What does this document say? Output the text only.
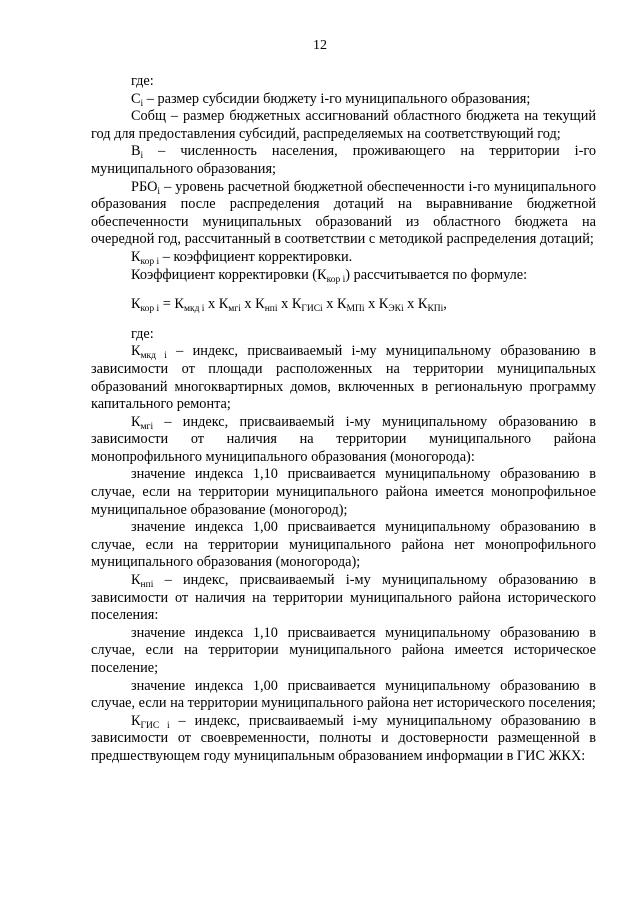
12

где:

$C_i$ – размер субсидии бюджету i-го муниципального образования;

Собщ – размер бюджетных ассигнований областного бюджета на текущий год для предоставления субсидий, распределяемых на соответствующий год;

$B_i$ – численность населения, проживающего на территории i-го муниципального образования;

$РБО_i$ – уровень расчетной бюджетной обеспеченности i-го муниципального образования после распределения дотаций на выравнивание бюджетной обеспеченности муниципальных образований из областного бюджета на очередной год, рассчитанный в соответствии с методикой распределения дотаций;

$К_{кор i}$ – коэффициент корректировки.

Коэффициент корректировки $(К_{кор i})$ рассчитывается по формуле:

$К_{кор i} = К_{мкд i}$ х $К_{мгi}$ х $К_{нпi}$ х $К_{ГИСi}$ х $К_{МПi}$ х $К_{ЭКi}$ х $К_{КПi}$,

где:

$К_{мкд i}$ – индекс, присваиваемый i-му муниципальному образованию в зависимости от площади расположенных на территории муниципальных образований многоквартирных домов, включенных в региональную программу капитального ремонта;

$К_{мгi}$ – индекс, присваиваемый i-му муниципальному образованию в зависимости от наличия на территории муниципального района монопрофильного муниципального образования (моногорода):

значение индекса 1,10 присваивается муниципальному образованию в случае, если на территории муниципального района имеется монопрофильное муниципальное образование (моногород);

значение индекса 1,00 присваивается муниципальному образованию в случае, если на территории муниципального района нет монопрофильного муниципального образования (моногорода);

$К_{нпi}$ – индекс, присваиваемый i-му муниципальному образованию в зависимости от наличия на территории муниципального района исторического поселения:

значение индекса 1,10 присваивается муниципальному образованию в случае, если на территории муниципального района имеется историческое поселение;

значение индекса 1,00 присваивается муниципальному образованию в случае, если на территории муниципального района нет исторического поселения;

$К_{ГИС i}$ – индекс, присваиваемый i-му муниципальному образованию в зависимости от своевременности, полноты и достоверности размещенной в предшествующем году муниципальным образованием информации в ГИС ЖКХ:
